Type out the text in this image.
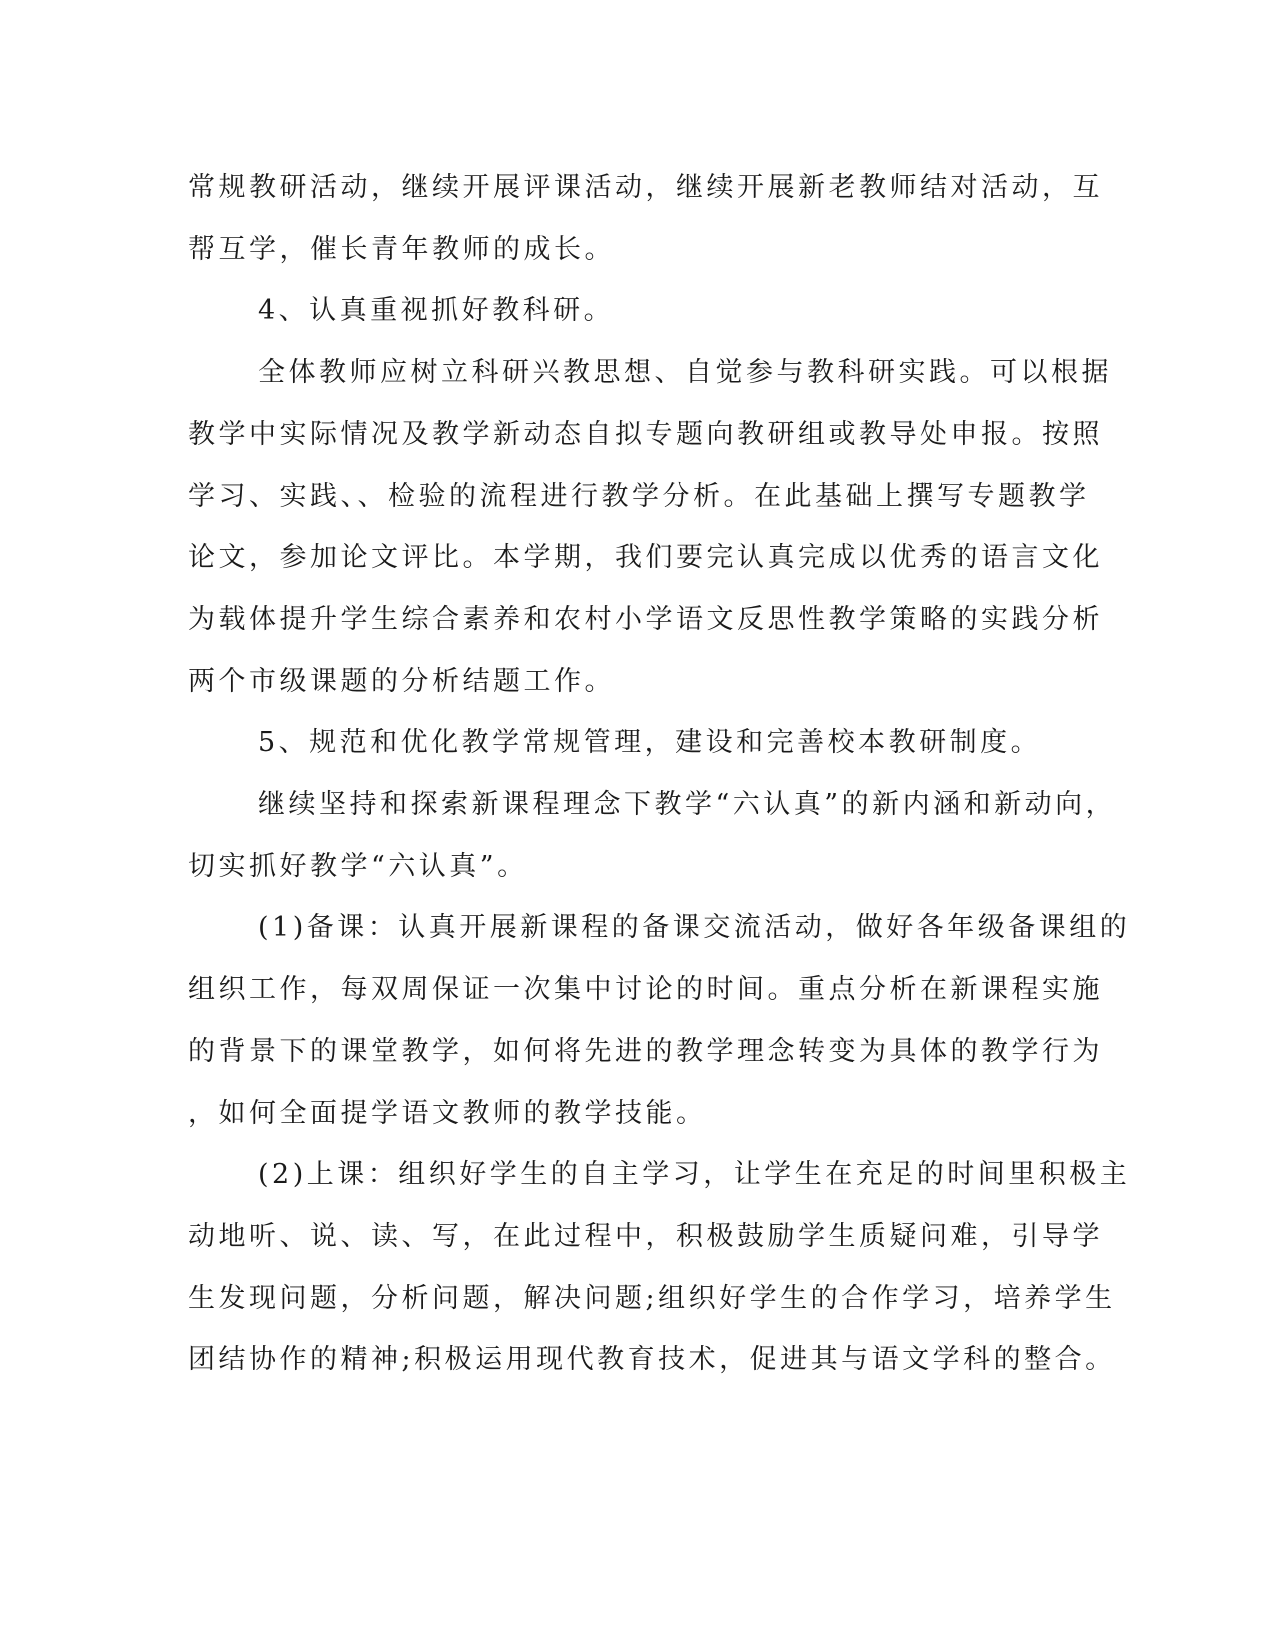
常规教研活动，继续开展评课活动，继续开展新老教师结对活动，互
帮互学，催长青年教师的成长。

4、认真重视抓好教科研。

全体教师应树立科研兴教思想、自觉参与教科研实践。可以根据
教学中实际情况及教学新动态自拟专题向教研组或教导处申报。按照
学习、实践、、检验的流程进行教学分析。在此基础上撰写专题教学
论文，参加论文评比。本学期，我们要完认真完成以优秀的语言文化
为载体提升学生综合素养和农村小学语文反思性教学策略的实践分析
两个市级课题的分析结题工作。

5、规范和优化教学常规管理，建设和完善校本教研制度。

继续坚持和探索新课程理念下教学“六认真”的新内涵和新动向，
切实抓好教学“六认真”。

(1)备课：认真开展新课程的备课交流活动，做好各年级备课组的
组织工作，每双周保证一次集中讨论的时间。重点分析在新课程实施
的背景下的课堂教学，如何将先进的教学理念转变为具体的教学行为
，如何全面提学语文教师的教学技能。

(2)上课：组织好学生的自主学习，让学生在充足的时间里积极主
动地听、说、读、写，在此过程中，积极鼓励学生质疑问难，引导学
生发现问题，分析问题，解决问题;组织好学生的合作学习，培养学生
团结协作的精神;积极运用现代教育技术，促进其与语文学科的整合。
